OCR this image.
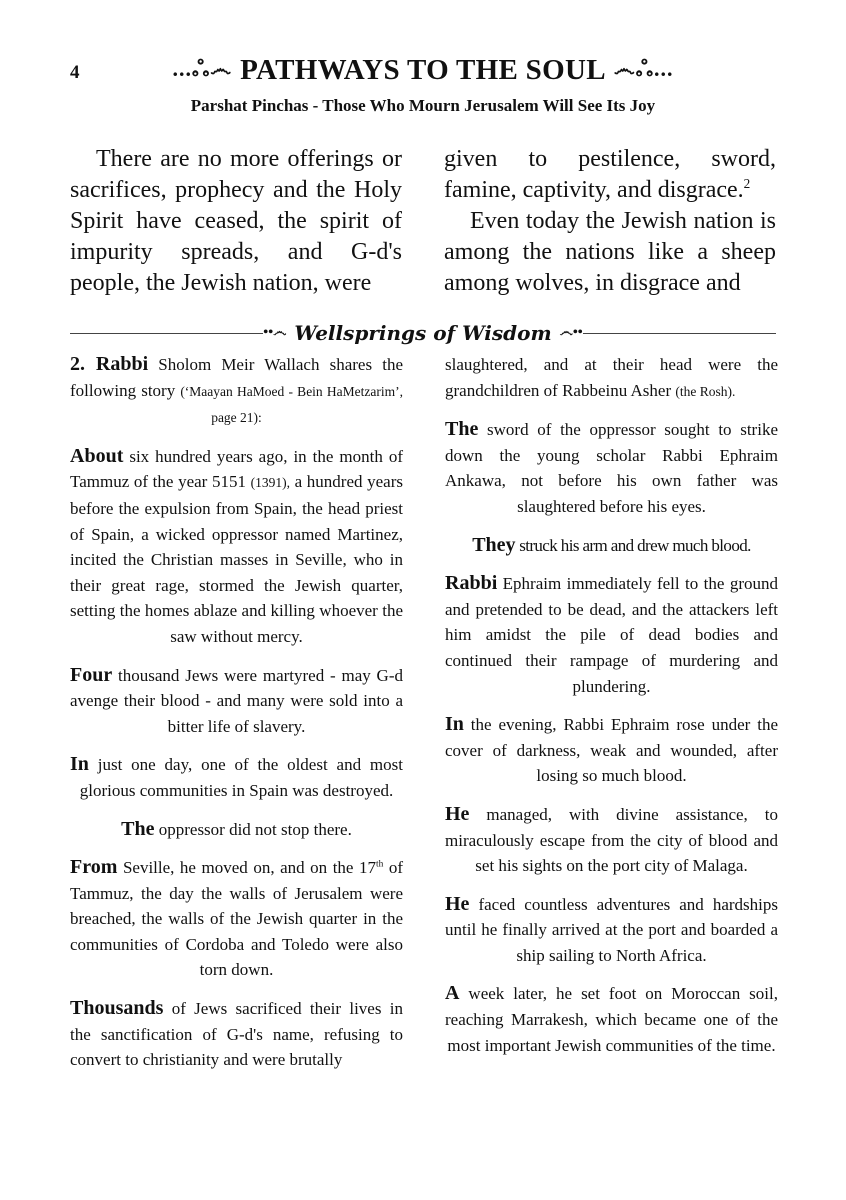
4	...ஃ෴ PATHWAYS TO THE SOUL ෴ஃ...
Parshat Pinchas - Those Who Mourn Jerusalem Will See Its Joy

There are no more offerings or sacrifices, prophecy and the Holy Spirit have ceased, the spirit of impurity spreads, and G-d's people, the Jewish nation, were

given to pestilence, sword, famine, captivity, and disgrace.$^2$

Even today the Jewish nation is among the nations like a sheep among wolves, in disgrace and

••෴ Wellsprings of Wisdom ෴••

2. Rabbi Sholom Meir Wallach shares the following story (‘Maayan HaMoed - Bein HaMetzarim’, page 21):

About six hundred years ago, in the month of Tammuz of the year 5151 (1391), a hundred years before the expulsion from Spain, the head priest of Spain, a wicked oppressor named Martinez, incited the Christian masses in Seville, who in their great rage, stormed the Jewish quarter, setting the homes ablaze and killing whoever the saw without mercy.

Four thousand Jews were martyred - may G-d avenge their blood - and many were sold into a bitter life of slavery.

In just one day, one of the oldest and most glorious communities in Spain was destroyed.

The oppressor did not stop there.

From Seville, he moved on, and on the 17th of Tammuz, the day the walls of Jerusalem were breached, the walls of the Jewish quarter in the communities of Cordoba and Toledo were also torn down.

Thousands of Jews sacrificed their lives in the sanctification of G-d's name, refusing to convert to christianity and were brutally

slaughtered, and at their head were the grandchildren of Rabbeinu Asher (the Rosh).

The sword of the oppressor sought to strike down the young scholar Rabbi Ephraim Ankawa, not before his own father was slaughtered before his eyes.

They struck his arm and drew much blood.

Rabbi Ephraim immediately fell to the ground and pretended to be dead, and the attackers left him amidst the pile of dead bodies and continued their rampage of murdering and plundering.

In the evening, Rabbi Ephraim rose under the cover of darkness, weak and wounded, after losing so much blood.

He managed, with divine assistance, to miraculously escape from the city of blood and set his sights on the port city of Malaga.

He faced countless adventures and hardships until he finally arrived at the port and boarded a ship sailing to North Africa.

A week later, he set foot on Moroccan soil, reaching Marrakesh, which became one of the most important Jewish communities of the time.
